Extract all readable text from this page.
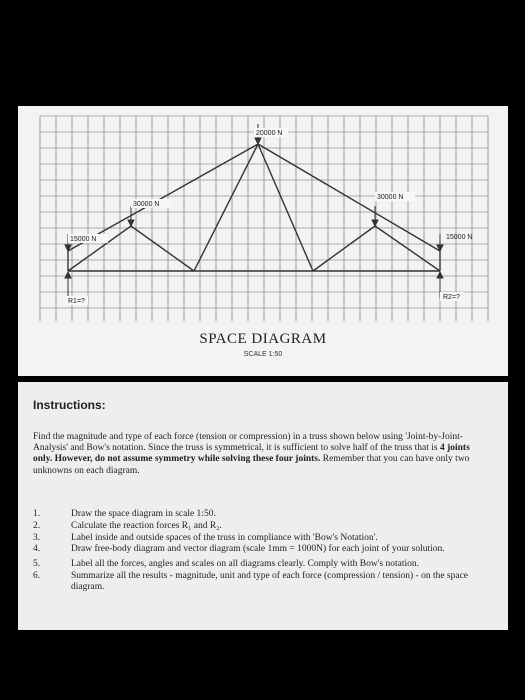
20000 N
30000 N
30000 N
15000 N	15000 N
R1=?
R2=?
SPACE DIAGRAM
SCALE 1:50
Instructions:
Find the magnitude and type of each force (tension or compression) in a truss shown below using 'Joint-by-Joint-Analysis' and Bow's notation. Since the truss is symmetrical, it is sufficient to solve half of the truss that is 4 joints only. However, do not assume symmetry while solving these four joints. Remember that you can have only two unknowns on each diagram.
1.	Draw the space diagram in scale 1:50.
2.	Calculate the reaction forces R₁ and R₂.
3.	Label inside and outside spaces of the truss in compliance with 'Bow's Notation'.
4.	Draw free-body diagram and vector diagram (scale 1mm = 1000N) for each joint of your solution.
5.	Label all the forces, angles and scales on all diagrams clearly. Comply with Bow's notation.
6.	Summarize all the results - magnitude, unit and type of each force (compression / tension) - on the space diagram.
